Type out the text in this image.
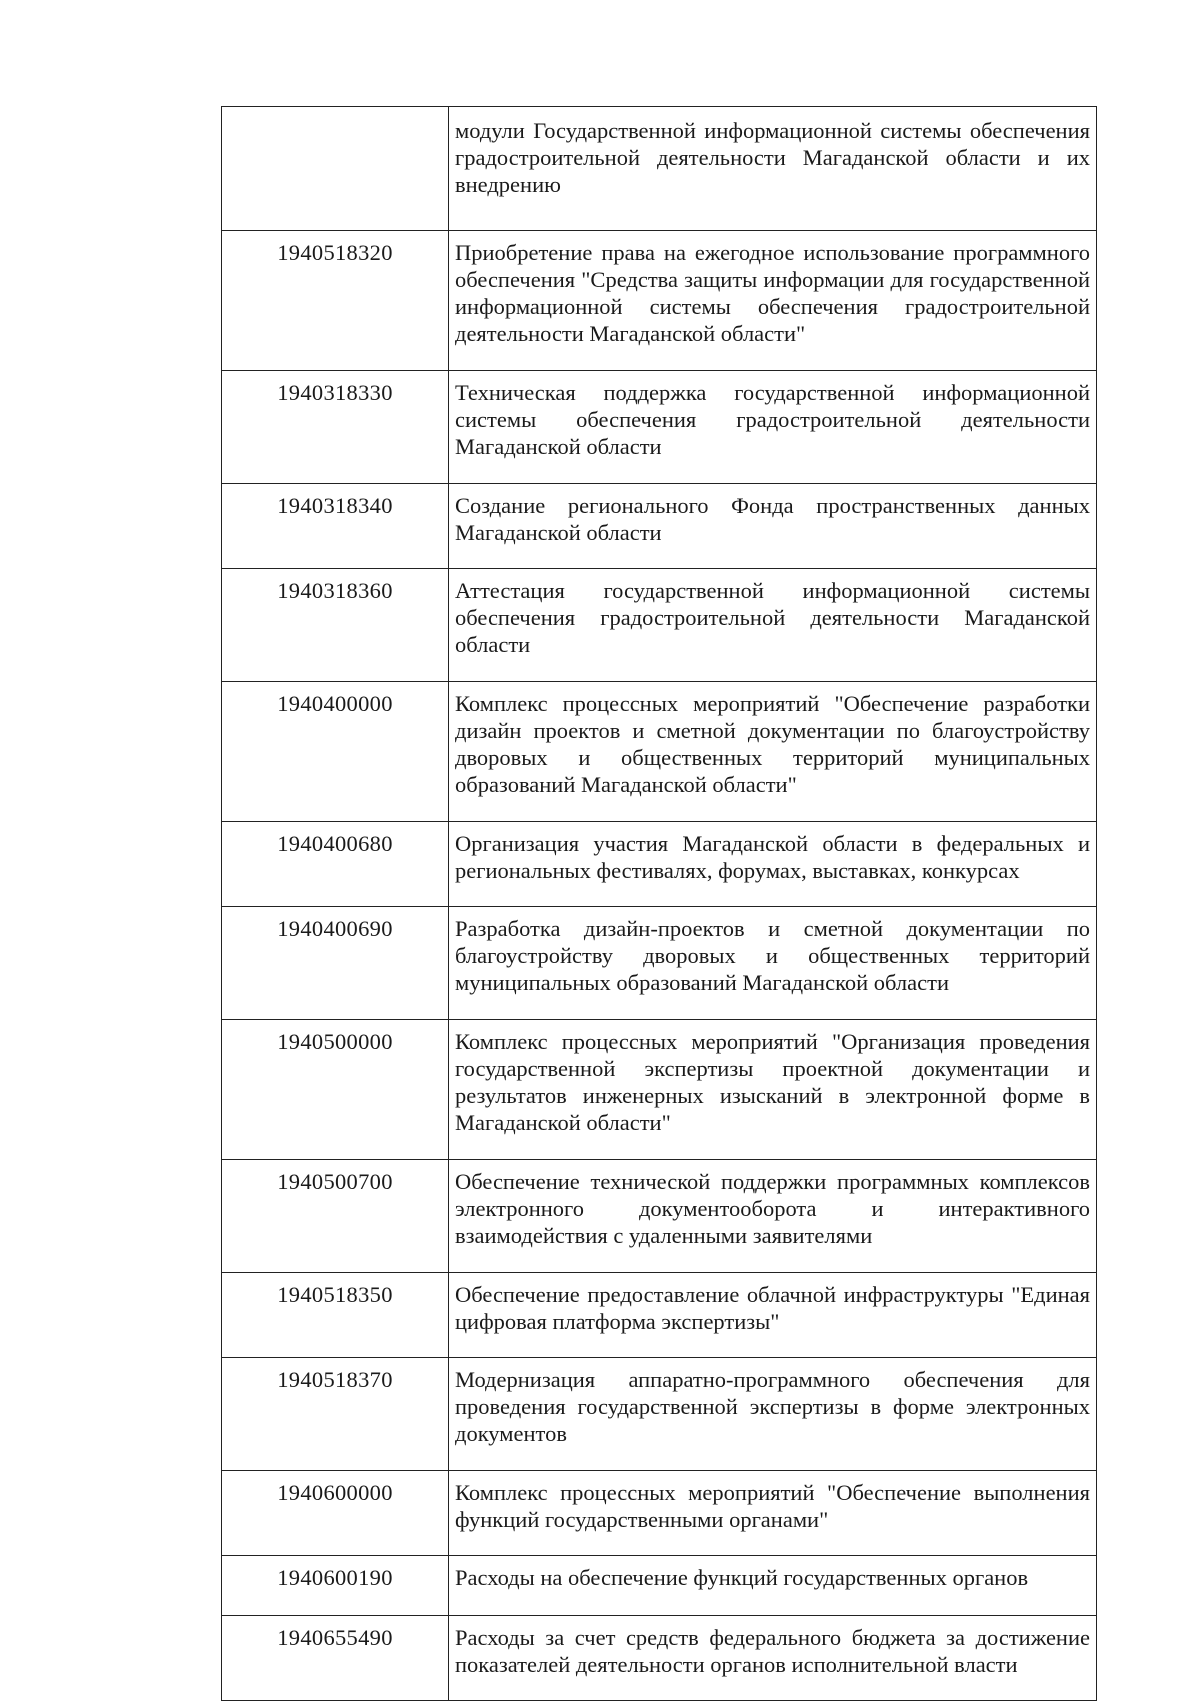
	модули Государственной информационной системы обеспечения градостроительной деятельности Магаданской области и их внедрению
1940518320	Приобретение права на ежегодное использование программного обеспечения "Средства защиты информации для государственной информационной системы обеспечения градостроительной деятельности Магаданской области"
1940318330	Техническая поддержка государственной информационной системы обеспечения градостроительной деятельности Магаданской области
1940318340	Создание регионального Фонда пространственных данных Магаданской области
1940318360	Аттестация государственной информационной системы обеспечения градостроительной деятельности Магаданской области
1940400000	Комплекс процессных мероприятий "Обеспечение разработки дизайн проектов и сметной документации по благоустройству дворовых и общественных территорий муниципальных образований Магаданской области"
1940400680	Организация участия Магаданской области в федеральных и региональных фестивалях, форумах, выставках, конкурсах
1940400690	Разработка дизайн-проектов и сметной документации по благоустройству дворовых и общественных территорий муниципальных образований Магаданской области
1940500000	Комплекс процессных мероприятий "Организация проведения государственной экспертизы проектной документации и результатов инженерных изысканий в электронной форме в Магаданской области"
1940500700	Обеспечение технической поддержки программных комплексов электронного документооборота и интерактивного взаимодействия с удаленными заявителями
1940518350	Обеспечение предоставление облачной инфраструктуры "Единая цифровая платформа экспертизы"
1940518370	Модернизация аппаратно-программного обеспечения для проведения государственной экспертизы в форме электронных документов
1940600000	Комплекс процессных мероприятий "Обеспечение выполнения функций государственными органами"
1940600190	Расходы на обеспечение функций государственных органов
1940655490	Расходы за счет средств федерального бюджета за достижение показателей деятельности органов исполнительной власти
